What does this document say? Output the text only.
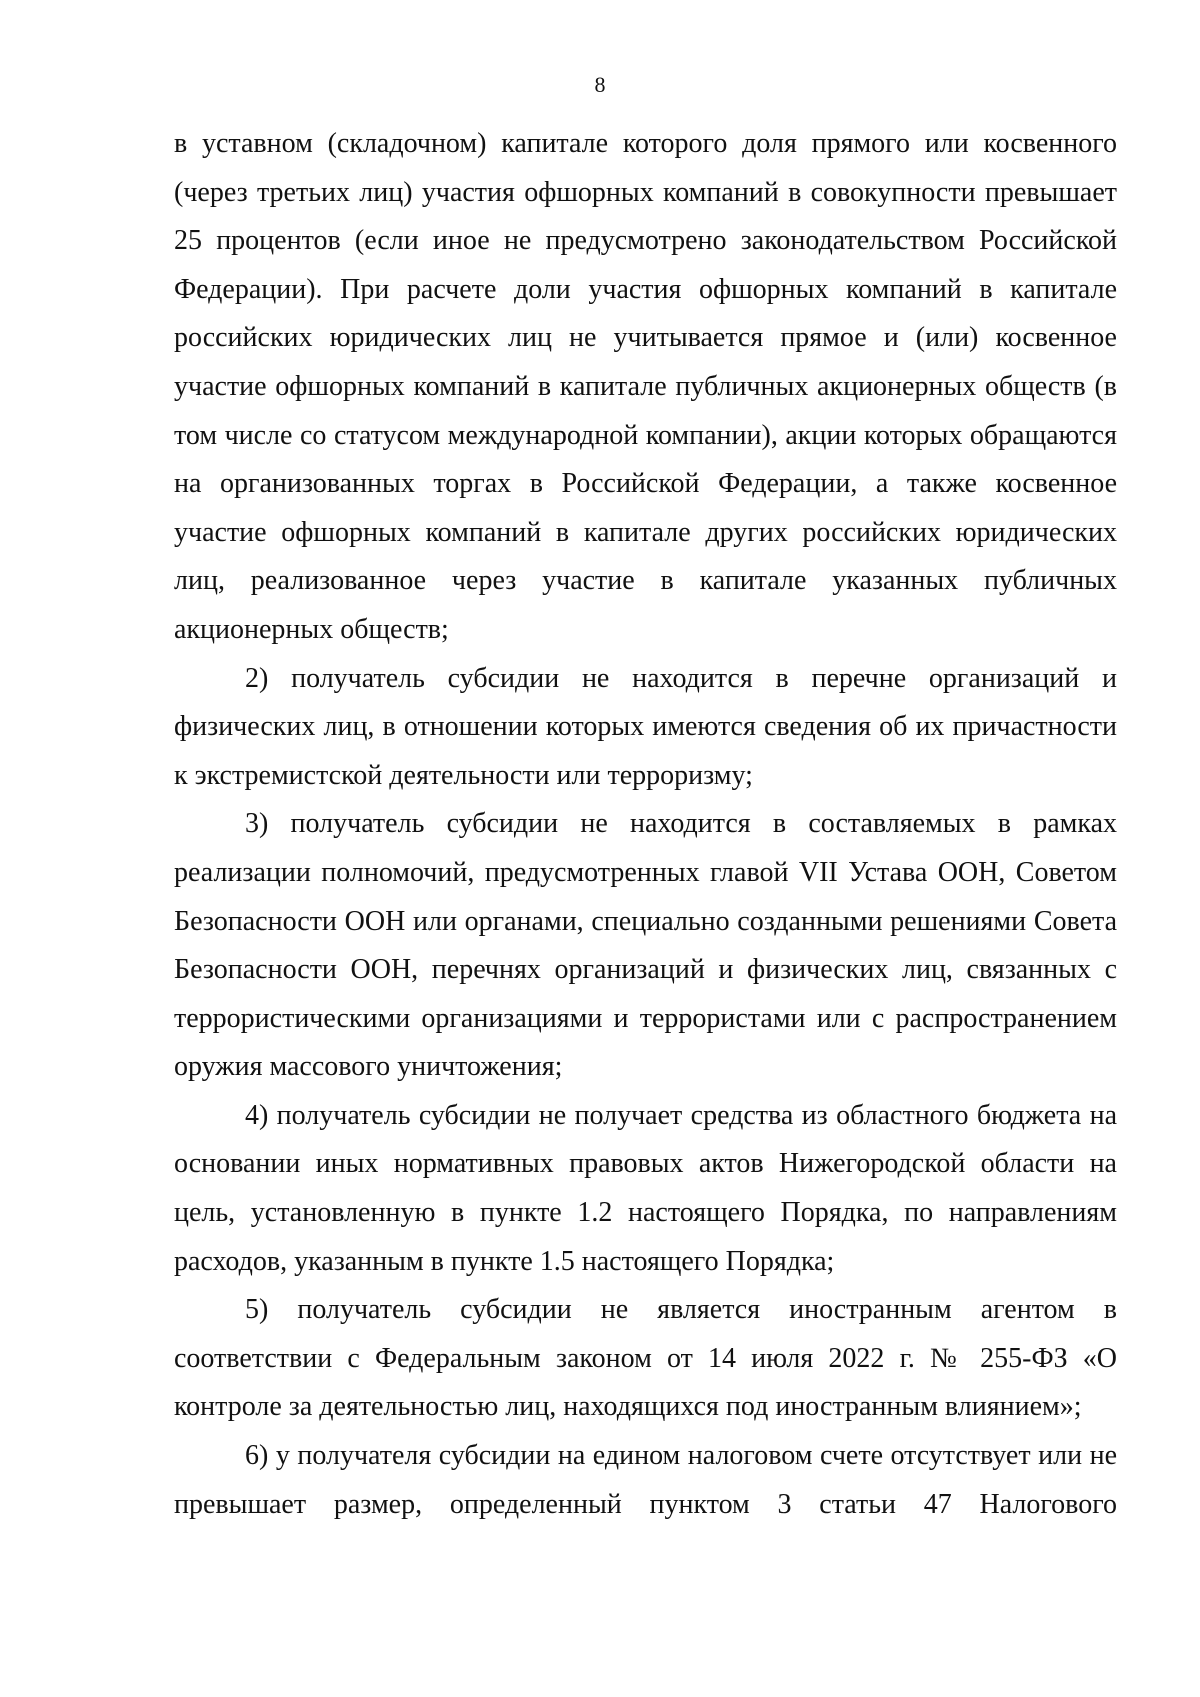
8

в уставном (складочном) капитале которого доля прямого или косвенного (через третьих лиц) участия офшорных компаний в совокупности превышает 25 процентов (если иное не предусмотрено законодательством Российской Федерации). При расчете доли участия офшорных компаний в капитале российских юридических лиц не учитывается прямое и (или) косвенное участие офшорных компаний в капитале публичных акционерных обществ (в том числе со статусом международной компании), акции которых обращаются на организованных торгах в Российской Федерации, а также косвенное участие офшорных компаний в капитале других российских юридических лиц, реализованное через участие в капитале указанных публичных акционерных обществ;

2) получатель субсидии не находится в перечне организаций и физических лиц, в отношении которых имеются сведения об их причастности к экстремистской деятельности или терроризму;

3) получатель субсидии не находится в составляемых в рамках реализации полномочий, предусмотренных главой VII Устава ООН, Советом Безопасности ООН или органами, специально созданными решениями Совета Безопасности ООН, перечнях организаций и физических лиц, связанных с террористическими организациями и террористами или с распространением оружия массового уничтожения;

4) получатель субсидии не получает средства из областного бюджета на основании иных нормативных правовых актов Нижегородской области на цель, установленную в пункте 1.2 настоящего Порядка, по направлениям расходов, указанным в пункте 1.5 настоящего Порядка;

5) получатель субсидии не является иностранным агентом в соответствии с Федеральным законом от 14 июля 2022 г. № 255-ФЗ «О контроле за деятельностью лиц, находящихся под иностранным влиянием»;

6) у получателя субсидии на едином налоговом счете отсутствует или не превышает размер, определенный пунктом 3 статьи 47 Налогового
